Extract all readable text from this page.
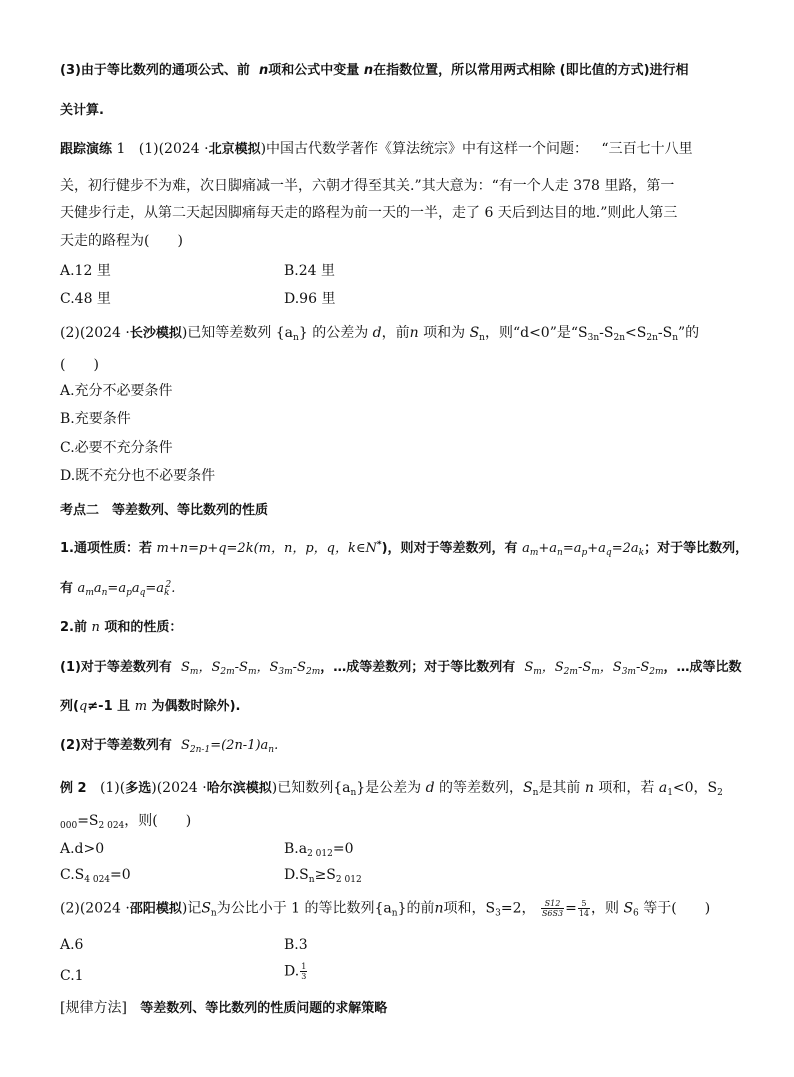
(3)由于等比数列的通项公式、前 n项和公式中变量 n在指数位置，所以常用两式相除 (即比值的方式)进行相
关计算.
跟踪演练 1 (1)(2024 ·北京模拟)中国古代数学著作《算法统宗》中有这样一个问题： “三百七十八里
关，初行健步不为难，次日脚痛减一半，六朝才得至其关.”其大意为：“有一个人走 378 里路，第一
天健步行走，从第二天起因脚痛每天走的路程为前一天的一半，走了 6 天后到达目的地.”则此人第三
天走的路程为(　　)
A.12 里	B.24 里
C.48 里	D.96 里
(2)(2024 ·长沙模拟)已知等差数列 $\{a_n\}$ 的公差为 d，前n 项和为 $S_n$，则“d<0”是“$S_{3n}-S_{2n}<S_{2n}-S_n$”的
(　　)
A.充分不必要条件
B.充要条件
C.必要不充分条件
D.既不充分也不必要条件
考点二　等差数列、等比数列的性质
1.通项性质：若 m+n=p+q=2k(m，n，p，q，k∈N*)，则对于等差数列，有 $a_m+a_n=a_p+a_q=2a_k$；对于等比数列，
有 $a_ma_n=a_pa_q=a_k^2$.
2.前 n 项和的性质：
(1)对于等差数列有 $S_m$，$S_{2m}-S_m$，$S_{3m}-S_{2m}$，…成等差数列；对于等比数列有 $S_m$，$S_{2m}-S_m$，$S_{3m}-S_{2m}$，…成等比数
列(q≠-1 且 m 为偶数时除外).
(2)对于等差数列有 $S_{2n-1}=(2n-1)a_n$.
例 2 (1)(多选)(2024 ·哈尔滨模拟)已知数列$\{a_n\}$是公差为 d 的等差数列，$S_n$是其前 n 项和，若 $a_1<0$，$S_2$
$_{000}=S_{2 024}$，则(　　)
A.d>0	$B.a_{2 012}=0$
$C.S_{4 024}=0$	$D.S_n\ge S_{2 012}$
(2)(2024 ·邵阳模拟)记$S_n$为公比小于 1 的等比数列$\{a_n\}$的前n项和，$S_3=2$， $\frac{S12}{S6S3} = \frac{5}{14}$ ，则 $S_6$ 等于(　　)
A.6	B.3
C.1	D. $\frac{1}{3}$
[规律方法] 等差数列、等比数列的性质问题的求解策略
